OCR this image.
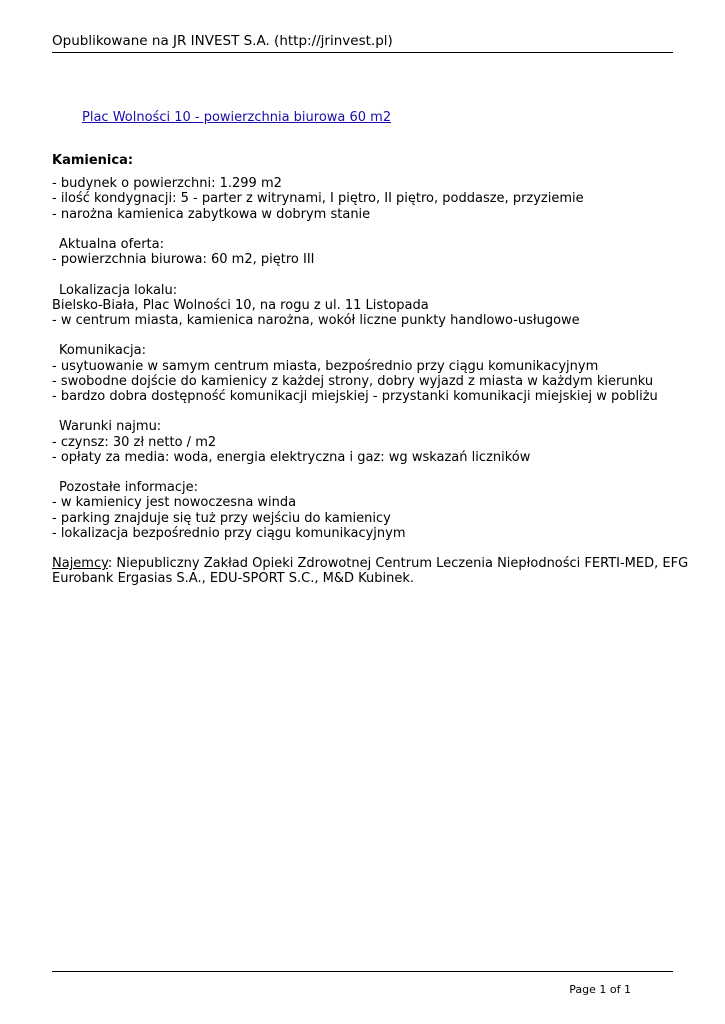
Opublikowane na JR INVEST S.A. (http://jrinvest.pl)
Plac Wolności 10 - powierzchnia biurowa 60 m2
Kamienica:
- budynek o powierzchni: 1.299 m2
- ilość kondygnacji: 5 - parter z witrynami, I piętro, II piętro, poddasze, przyziemie
- narożna kamienica zabytkowa w dobrym stanie
Aktualna oferta:
- powierzchnia biurowa: 60 m2, piętro III
Lokalizacja lokalu:
Bielsko-Biała, Plac Wolności 10, na rogu z ul. 11 Listopada
- w centrum miasta, kamienica narożna, wokół liczne punkty handlowo-usługowe
Komunikacja:
- usytuowanie w samym centrum miasta, bezpośrednio przy ciągu komunikacyjnym
- swobodne dojście do kamienicy z każdej strony, dobry wyjazd z miasta w każdym kierunku
- bardzo dobra dostępność komunikacji miejskiej - przystanki komunikacji miejskiej w pobliżu
Warunki najmu:
- czynsz: 30 zł netto / m2
- opłaty za media: woda, energia elektryczna i gaz: wg wskazań liczników
Pozostałe informacje:
- w kamienicy jest nowoczesna winda
- parking znajduje się tuż przy wejściu do kamienicy
- lokalizacja bezpośrednio przy ciągu komunikacyjnym
Najemcy: Niepubliczny Zakład Opieki Zdrowotnej Centrum Leczenia Niepłodności FERTI-MED, EFG
Eurobank Ergasias S.A., EDU-SPORT S.C., M&D Kubinek.
Page 1 of 1
